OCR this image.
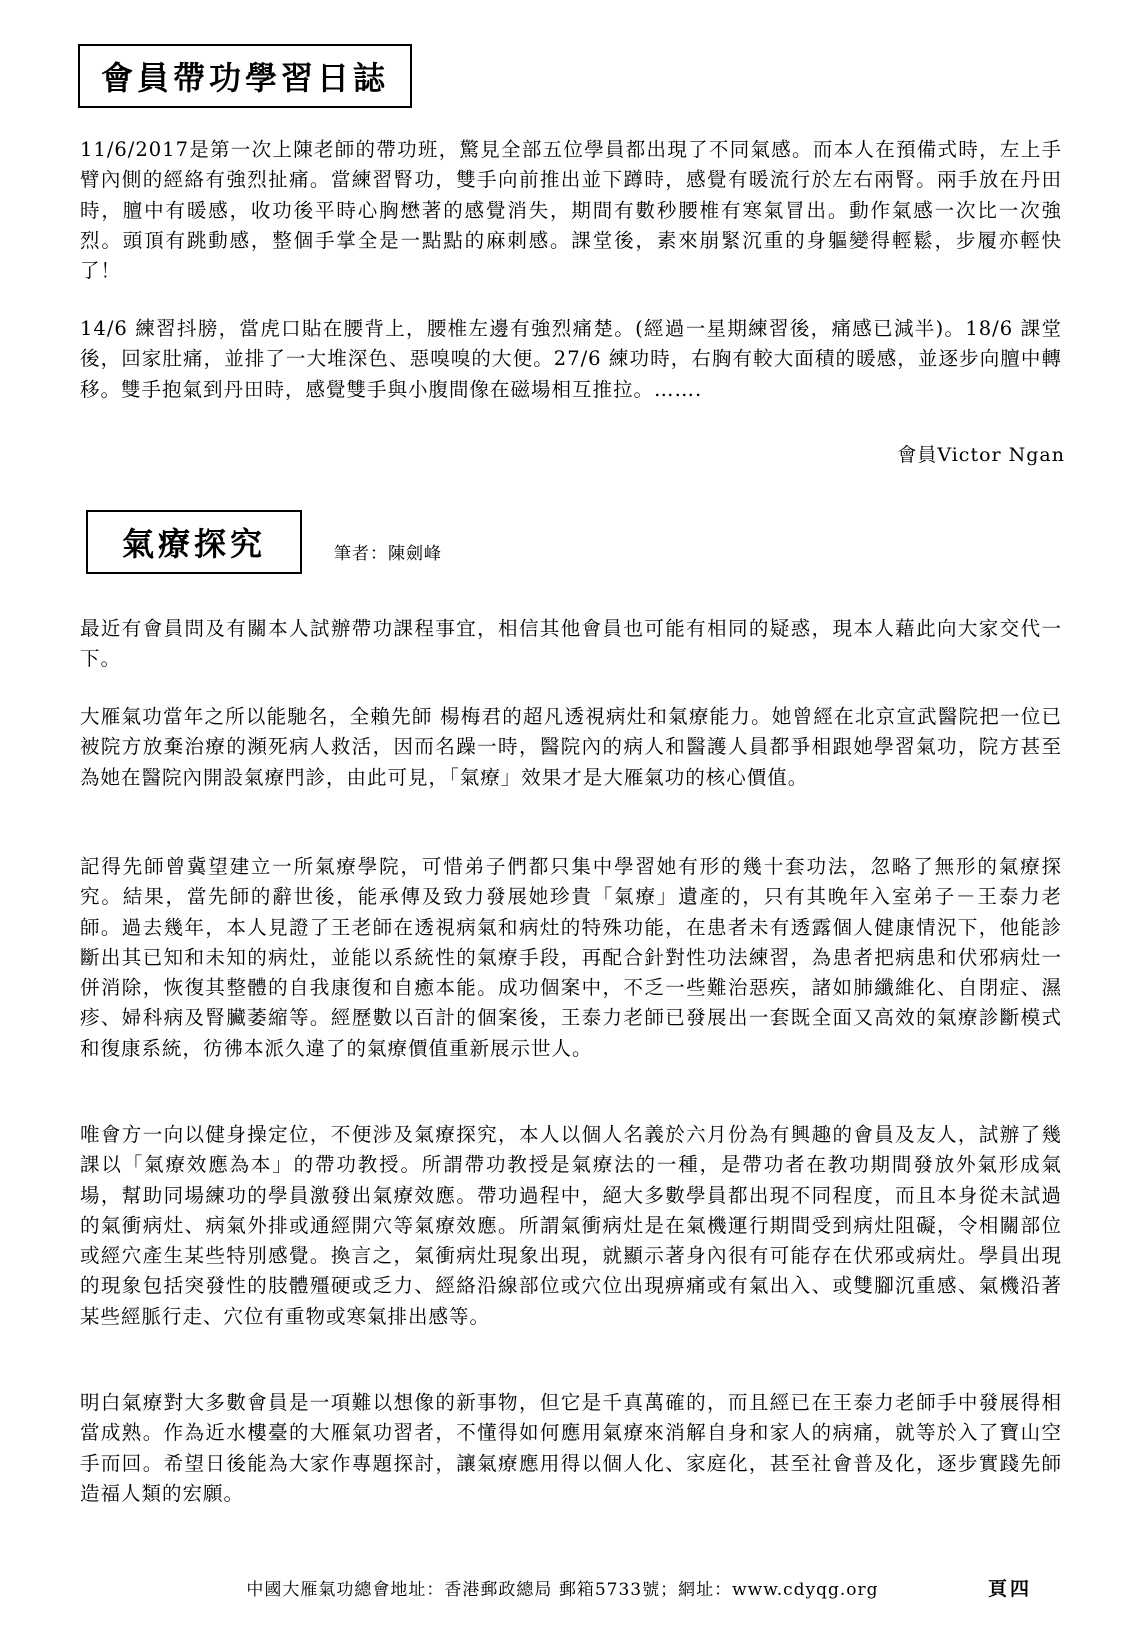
會員帶功學習日誌

11/6/2017是第一次上陳老師的帶功班，驚見全部五位學員都出現了不同氣感。而本人在預備式時，左上手臂內側的經絡有強烈扯痛。當練習腎功，雙手向前推出並下蹲時，感覺有暖流行於左右兩腎。兩手放在丹田時，膻中有暖感，收功後平時心胸懋著的感覺消失，期間有數秒腰椎有寒氣冒出。動作氣感一次比一次強烈。頭頂有跳動感，整個手掌全是一點點的麻刺感。課堂後，素來崩緊沉重的身軀變得輕鬆，步履亦輕快了！

14/6 練習抖膀，當虎口貼在腰背上，腰椎左邊有強烈痛楚。(經過一星期練習後，痛感已減半)。18/6 課堂後，回家肚痛，並排了一大堆深色、惡嗅嗅的大便。27/6 練功時，右胸有較大面積的暖感，並逐步向膻中轉移。雙手抱氣到丹田時，感覺雙手與小腹間像在磁場相互推拉。…….

會員Victor Ngan
氣療探究	筆者：陳劍峰

最近有會員問及有關本人試辦帶功課程事宜，相信其他會員也可能有相同的疑惑，現本人藉此向大家交代一下。

大雁氣功當年之所以能馳名，全賴先師 楊梅君的超凡透視病灶和氣療能力。她曾經在北京宣武醫院把一位已被院方放棄治療的瀕死病人救活，因而名躁一時，醫院內的病人和醫護人員都爭相跟她學習氣功，院方甚至為她在醫院內開設氣療門診，由此可見，「氣療」效果才是大雁氣功的核心價值。

記得先師曾冀望建立一所氣療學院，可惜弟子們都只集中學習她有形的幾十套功法，忽略了無形的氣療探究。結果，當先師的辭世後，能承傳及致力發展她珍貴「氣療」遺產的，只有其晚年入室弟子－王泰力老師。過去幾年，本人見證了王老師在透視病氣和病灶的特殊功能，在患者未有透露個人健康情況下，他能診斷出其已知和未知的病灶，並能以系統性的氣療手段，再配合針對性功法練習，為患者把病患和伏邪病灶一併消除，恢復其整體的自我康復和自癒本能。成功個案中，不乏一些難治惡疾，諸如肺纖維化、自閉症、濕疹、婦科病及腎臟萎縮等。經歷數以百計的個案後，王泰力老師已發展出一套既全面又高效的氣療診斷模式和復康系統，彷彿本派久違了的氣療價值重新展示世人。

唯會方一向以健身操定位，不便涉及氣療探究，本人以個人名義於六月份為有興趣的會員及友人，試辦了幾課以「氣療效應為本」的帶功教授。所謂帶功教授是氣療法的一種，是帶功者在教功期間發放外氣形成氣場，幫助同場練功的學員激發出氣療效應。帶功過程中，絕大多數學員都出現不同程度，而且本身從未試過的氣衝病灶、病氣外排或通經開穴等氣療效應。所謂氣衝病灶是在氣機運行期間受到病灶阻礙，令相關部位或經穴產生某些特別感覺。換言之，氣衝病灶現象出現，就顯示著身內很有可能存在伏邪或病灶。學員出現的現象包括突發性的肢體殭硬或乏力、經絡沿線部位或穴位出現痹痛或有氣出入、或雙腳沉重感、氣機沿著某些經脈行走、穴位有重物或寒氣排出感等。

明白氣療對大多數會員是一項難以想像的新事物，但它是千真萬確的，而且經已在王泰力老師手中發展得相當成熟。作為近水樓臺的大雁氣功習者，不懂得如何應用氣療來消解自身和家人的病痛，就等於入了寶山空手而回。希望日後能為大家作專題探討，讓氣療應用得以個人化、家庭化，甚至社會普及化，逐步實踐先師造福人類的宏願。

中國大雁氣功總會地址：香港郵政總局 郵箱5733號；網址：www.cdyqg.org	頁四
